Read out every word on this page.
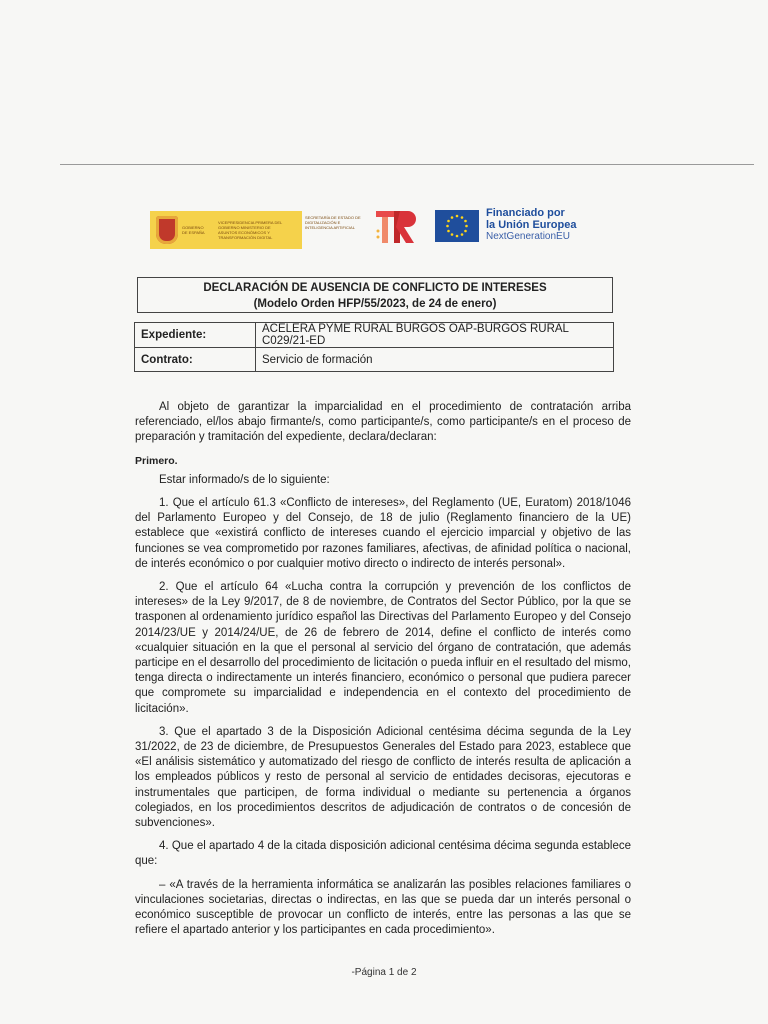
GOBIERNO DE ESPAÑA
VICEPRESIDENCIA PRIMERA DEL GOBIERNO MINISTERIO DE ASUNTOS ECONÓMICOS Y TRANSFORMACIÓN DIGITAL
SECRETARÍA DE ESTADO DE DIGITALIZACIÓN E INTELIGENCIA ARTIFICIAL
Financiado por
la Unión Europea
NextGenerationEU
DECLARACIÓN DE AUSENCIA DE CONFLICTO DE INTERESES
(Modelo Orden HFP/55/2023, de 24 de enero)
Expediente:	ACELERA PYME RURAL BURGOS OAP-BURGOS RURAL C029/21-ED
Contrato:	Servicio de formación

Al objeto de garantizar la imparcialidad en el procedimiento de contratación arriba referenciado, el/los abajo firmante/s, como participante/s, como participante/s en el proceso de preparación y tramitación del expediente, declara/declaran:

Primero.

Estar informado/s de lo siguiente:

1. Que el artículo 61.3 «Conflicto de intereses», del Reglamento (UE, Euratom) 2018/1046 del Parlamento Europeo y del Consejo, de 18 de julio (Reglamento financiero de la UE) establece que «existirá conflicto de intereses cuando el ejercicio imparcial y objetivo de las funciones se vea comprometido por razones familiares, afectivas, de afinidad política o nacional, de interés económico o por cualquier motivo directo o indirecto de interés personal».

2. Que el artículo 64 «Lucha contra la corrupción y prevención de los conflictos de intereses» de la Ley 9/2017, de 8 de noviembre, de Contratos del Sector Público, por la que se trasponen al ordenamiento jurídico español las Directivas del Parlamento Europeo y del Consejo 2014/23/UE y 2014/24/UE, de 26 de febrero de 2014, define el conflicto de interés como «cualquier situación en la que el personal al servicio del órgano de contratación, que además participe en el desarrollo del procedimiento de licitación o pueda influir en el resultado del mismo, tenga directa o indirectamente un interés financiero, económico o personal que pudiera parecer que compromete su imparcialidad e independencia en el contexto del procedimiento de licitación».

3. Que el apartado 3 de la Disposición Adicional centésima décima segunda de la Ley 31/2022, de 23 de diciembre, de Presupuestos Generales del Estado para 2023, establece que «El análisis sistemático y automatizado del riesgo de conflicto de interés resulta de aplicación a los empleados públicos y resto de personal al servicio de entidades decisoras, ejecutoras e instrumentales que participen, de forma individual o mediante su pertenencia a órganos colegiados, en los procedimientos descritos de adjudicación de contratos o de concesión de subvenciones».

4. Que el apartado 4 de la citada disposición adicional centésima décima segunda establece que:

– «A través de la herramienta informática se analizarán las posibles relaciones familiares o vinculaciones societarias, directas o indirectas, en las que se pueda dar un interés personal o económico susceptible de provocar un conflicto de interés, entre las personas a las que se refiere el apartado anterior y los participantes en cada procedimiento».

-Página 1 de 2
